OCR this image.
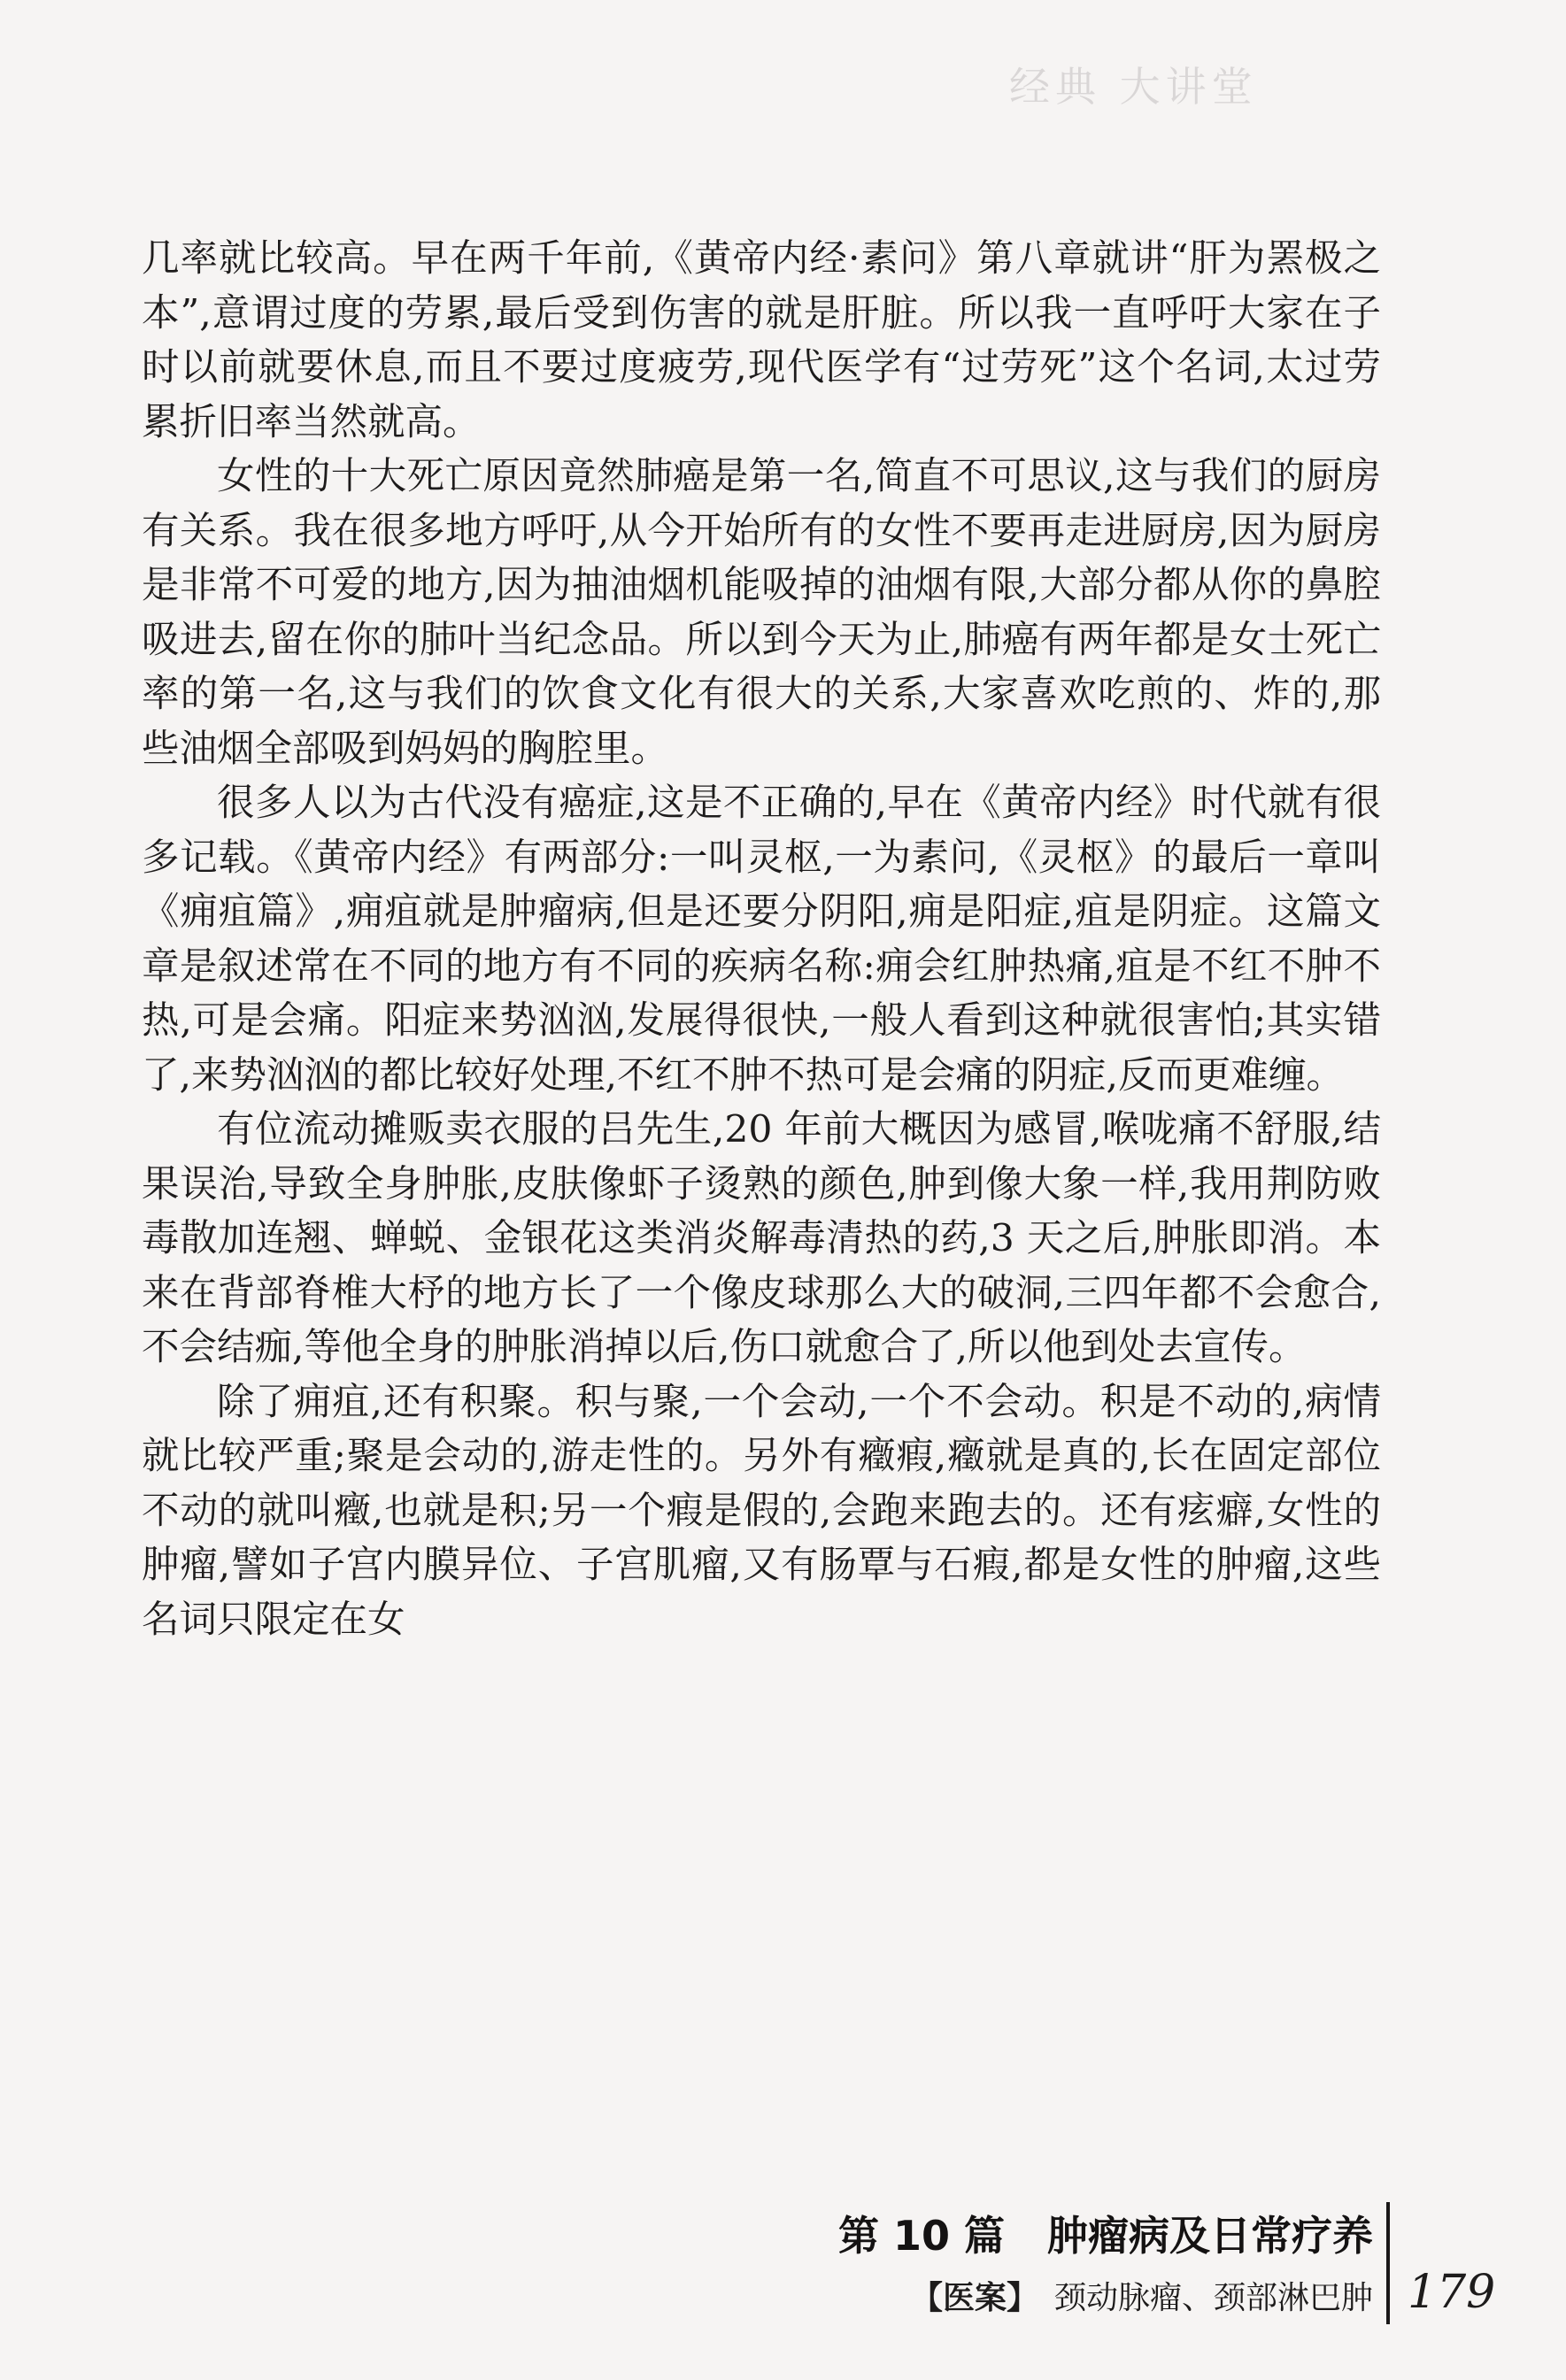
经典 大讲堂

几率就比较高。早在两千年前,《黄帝内经·素问》第八章就讲“肝为罴极之本”,意谓过度的劳累,最后受到伤害的就是肝脏。所以我一直呼吁大家在子时以前就要休息,而且不要过度疲劳,现代医学有“过劳死”这个名词,太过劳累折旧率当然就高。

女性的十大死亡原因竟然肺癌是第一名,简直不可思议,这与我们的厨房有关系。我在很多地方呼吁,从今开始所有的女性不要再走进厨房,因为厨房是非常不可爱的地方,因为抽油烟机能吸掉的油烟有限,大部分都从你的鼻腔吸进去,留在你的肺叶当纪念品。所以到今天为止,肺癌有两年都是女士死亡率的第一名,这与我们的饮食文化有很大的关系,大家喜欢吃煎的、炸的,那些油烟全部吸到妈妈的胸腔里。

很多人以为古代没有癌症,这是不正确的,早在《黄帝内经》时代就有很多记载。《黄帝内经》有两部分:一叫灵枢,一为素问,《灵枢》的最后一章叫《痈疽篇》,痈疽就是肿瘤病,但是还要分阴阳,痈是阳症,疽是阴症。这篇文章是叙述常在不同的地方有不同的疾病名称:痈会红肿热痛,疽是不红不肿不热,可是会痛。阳症来势汹汹,发展得很快,一般人看到这种就很害怕;其实错了,来势汹汹的都比较好处理,不红不肿不热可是会痛的阴症,反而更难缠。

有位流动摊贩卖衣服的吕先生,20 年前大概因为感冒,喉咙痛不舒服,结果误治,导致全身肿胀,皮肤像虾子烫熟的颜色,肿到像大象一样,我用荆防败毒散加连翘、蝉蜕、金银花这类消炎解毒清热的药,3 天之后,肿胀即消。本来在背部脊椎大杼的地方长了一个像皮球那么大的破洞,三四年都不会愈合,不会结痂,等他全身的肿胀消掉以后,伤口就愈合了,所以他到处去宣传。

除了痈疽,还有积聚。积与聚,一个会动,一个不会动。积是不动的,病情就比较严重;聚是会动的,游走性的。另外有癥瘕,癥就是真的,长在固定部位不动的就叫癥,也就是积;另一个瘕是假的,会跑来跑去的。还有痃癖,女性的肿瘤,譬如子宫内膜异位、子宫肌瘤,又有肠覃与石瘕,都是女性的肿瘤,这些名词只限定在女

第 10 篇 肿瘤病及日常疗养
【医案】 颈动脉瘤、颈部淋巴肿 179
